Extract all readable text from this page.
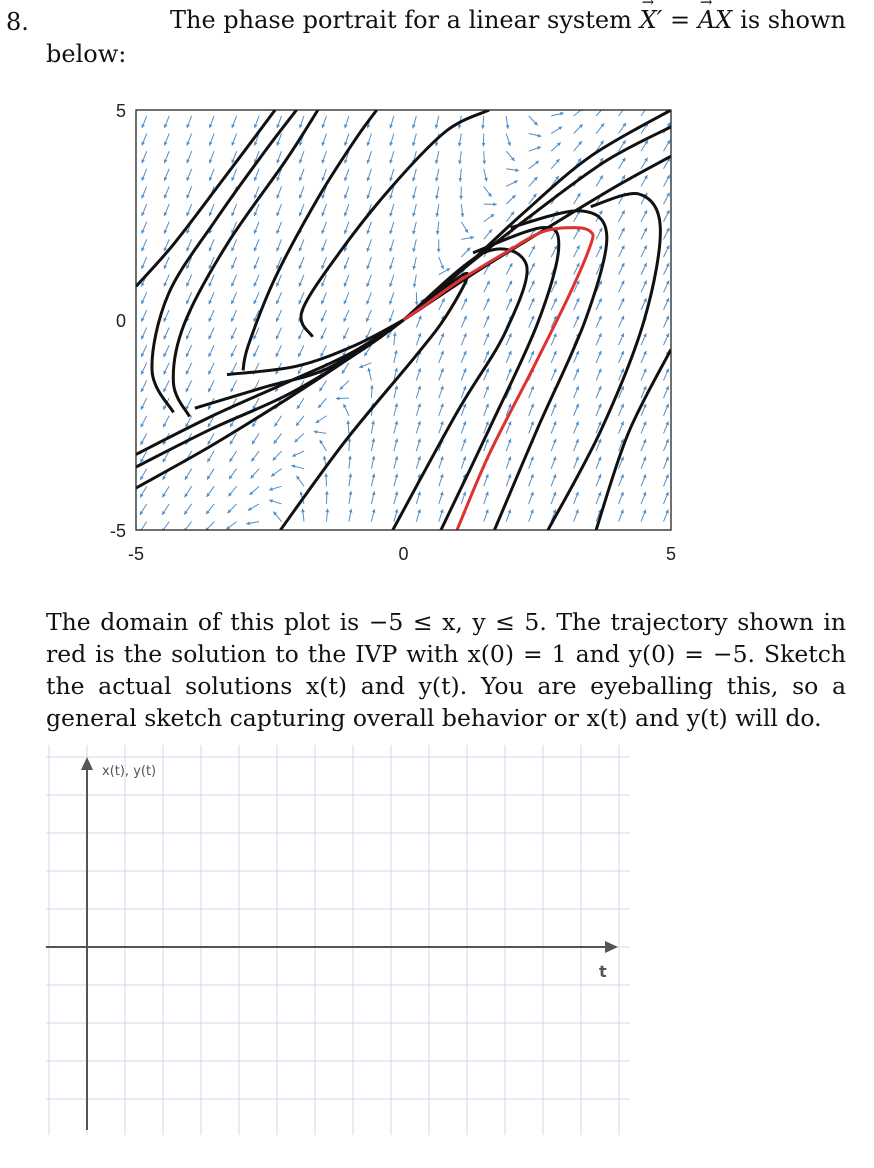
8.	The phase portrait for a linear system → X′ = → AX is shown
below:
-5	0	5
-5
0
5
The domain of this plot is −5 ≤ x, y ≤ 5. The trajectory shown in red is the solution to the IVP with x(0) = 1 and y(0) = −5. Sketch the actual solutions x(t) and y(t). You are eyeballing this, so a general sketch capturing overall behavior or x(t) and y(t) will do.
x(t), y(t)
t
